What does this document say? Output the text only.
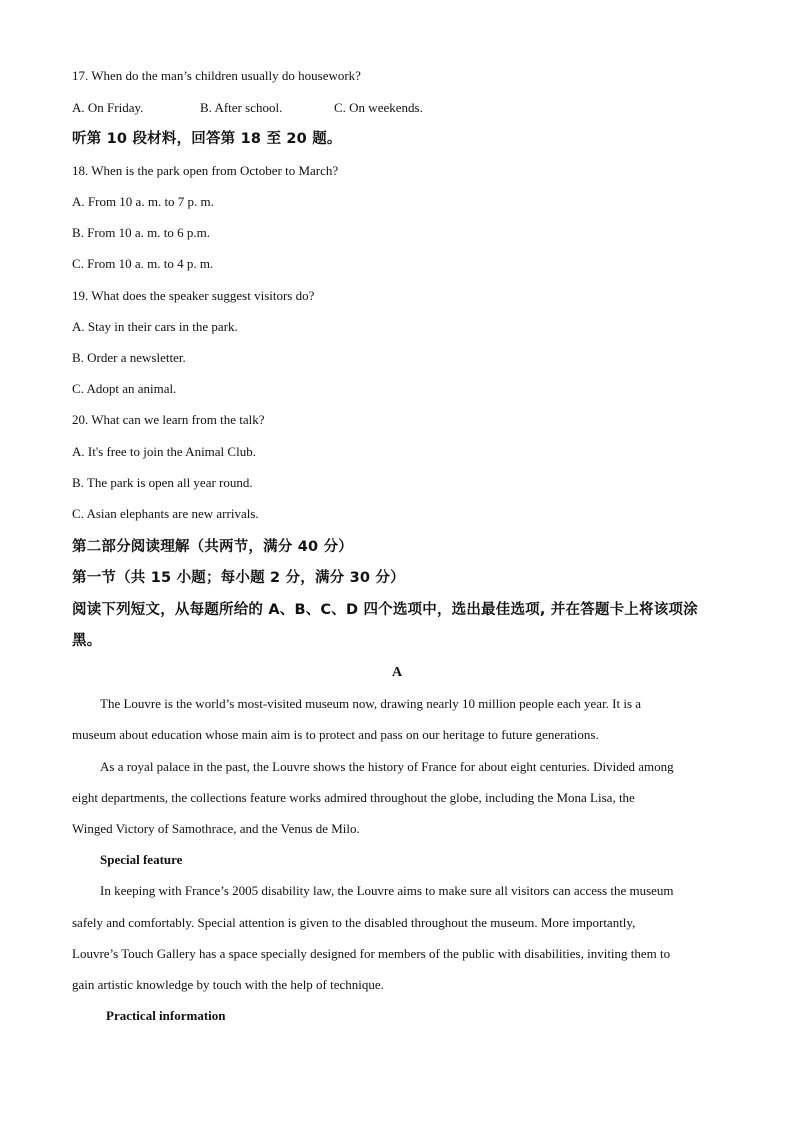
17. When do the man’s children usually do housework?
A. On Friday.	B. After school.	C. On weekends.
听第 10 段材料，回答第 18 至 20 题。
18. When is the park open from October to March?
A. From 10 a. m. to 7 p. m.
B. From 10 a. m. to 6 p.m.
C. From 10 a. m. to 4 p. m.
19. What does the speaker suggest visitors do?
A. Stay in their cars in the park.
B. Order a newsletter.
C. Adopt an animal.
20. What can we learn from the talk?
A. It's free to join the Animal Club.
B. The park is open all year round.
C. Asian elephants are new arrivals.
第二部分阅读理解（共两节，满分 40 分）
第一节（共 15 小题；每小题 2 分，满分 30 分）
阅读下列短文，从每题所给的 A、B、C、D 四个选项中，选出最佳选项, 并在答题卡上将该项涂黑。
A
The Louvre is the world’s most-visited museum now, drawing nearly 10 million people each year. It is a
museum about education whose main aim is to protect and pass on our heritage to future generations.
As a royal palace in the past, the Louvre shows the history of France for about eight centuries. Divided among
eight departments, the collections feature works admired throughout the globe, including the Mona Lisa, the
Winged Victory of Samothrace, and the Venus de Milo.
Special feature
In keeping with France’s 2005 disability law, the Louvre aims to make sure all visitors can access the museum
safely and comfortably. Special attention is given to the disabled throughout the museum. More importantly,
Louvre’s Touch Gallery has a space specially designed for members of the public with disabilities, inviting them to
gain artistic knowledge by touch with the help of technique.
Practical information
